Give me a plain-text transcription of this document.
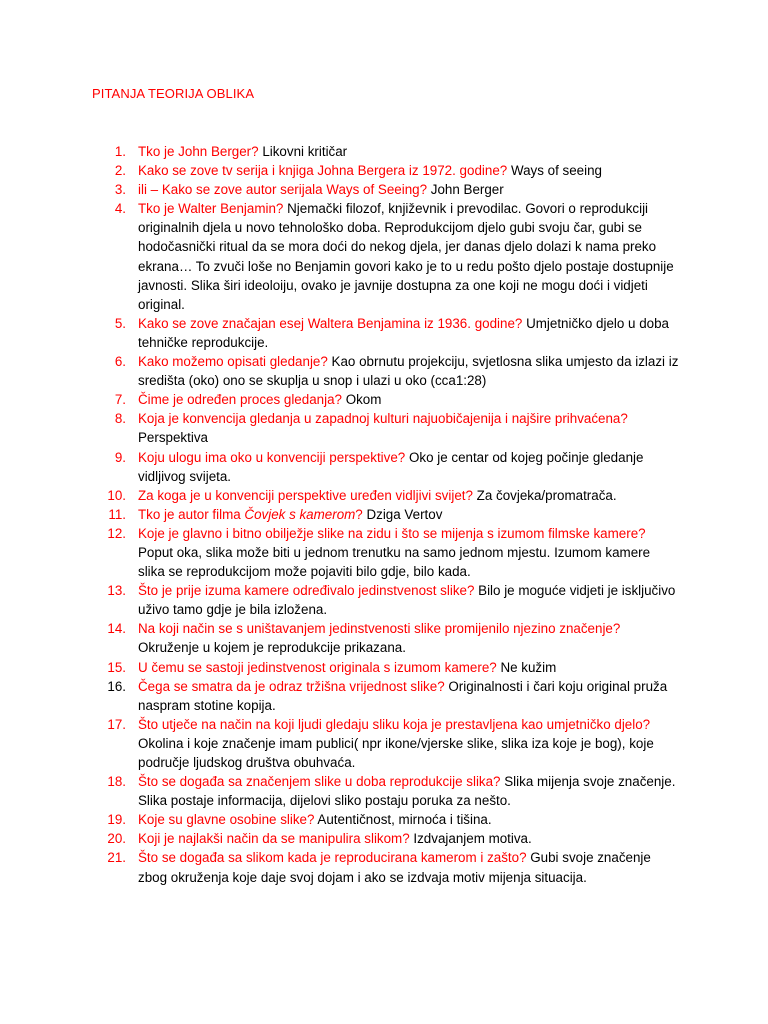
PITANJA TEORIJA OBLIKA
1. Tko je John Berger? Likovni kritičar
2. Kako se zove tv serija i knjiga Johna Bergera iz 1972. godine? Ways of seeing
3. ili – Kako se zove autor serijala Ways of Seeing? John Berger
4. Tko je Walter Benjamin? Njemački filozof, književnik i prevodilac. Govori o reprodukciji originalnih djela u novo tehnološko doba. Reprodukcijom djelo gubi svoju čar, gubi se hodočasnički ritual da se mora doći do nekog djela, jer danas djelo dolazi k nama preko ekrana… To zvuči loše no Benjamin govori kako je to u redu pošto djelo postaje dostupnije javnosti. Slika širi ideoloiju, ovako je javnije dostupna za one koji ne mogu doći i vidjeti original.
5. Kako se zove značajan esej Waltera Benjamina iz 1936. godine? Umjetničko djelo u doba tehničke reprodukcije.
6. Kako možemo opisati gledanje? Kao obrnutu projekciju, svjetlosna slika umjesto da izlazi iz središta (oko) ono se skuplja u snop i ulazi u oko (cca1:28)
7. Čime je određen proces gledanja? Okom
8. Koja je konvencija gledanja u zapadnoj kulturi najuobičajenija i najšire prihvaćena? Perspektiva
9. Koju ulogu ima oko u konvenciji perspektive? Oko je centar od kojeg počinje gledanje vidljivog svijeta.
10. Za koga je u konvenciji perspektive uređen vidljivi svijet? Za čovjeka/promatrača.
11. Tko je autor filma Čovjek s kamerom? Dziga Vertov
12. Koje je glavno i bitno obilježje slike na zidu i što se mijenja s izumom filmske kamere? Poput oka, slika može biti u jednom trenutku na samo jednom mjestu. Izumom kamere slika se reprodukcijom može pojaviti bilo gdje, bilo kada.
13. Što je prije izuma kamere određivalo jedinstvenost slike? Bilo je moguće vidjeti je isključivo uživo tamo gdje je bila izložena.
14. Na koji način se s uništavanjem jedinstvenosti slike promijenilo njezino značenje? Okruženje u kojem je reprodukcije prikazana.
15. U čemu se sastoji jedinstvenost originala s izumom kamere? Ne kužim
16. Čega se smatra da je odraz tržišna vrijednost slike? Originalnosti i čari koju original pruža naspram stotine kopija.
17. Što utječe na način na koji ljudi gledaju sliku koja je prestavljena kao umjetničko djelo? Okolina i koje značenje imam publici( npr ikone/vjerske slike, slika iza koje je bog), koje područje ljudskog društva obuhvaća.
18. Što se događa sa značenjem slike u doba reprodukcije slika? Slika mijenja svoje značenje. Slika postaje informacija, dijelovi sliko postaju poruka za nešto.
19. Koje su glavne osobine slike? Autentičnost, mirnoća i tišina.
20. Koji je najlakši način da se manipulira slikom? Izdvajanjem motiva.
21. Što se događa sa slikom kada je reproducirana kamerom i zašto? Gubi svoje značenje zbog okruženja koje daje svoj dojam i ako se izdvaja motiv mijenja situacija.
